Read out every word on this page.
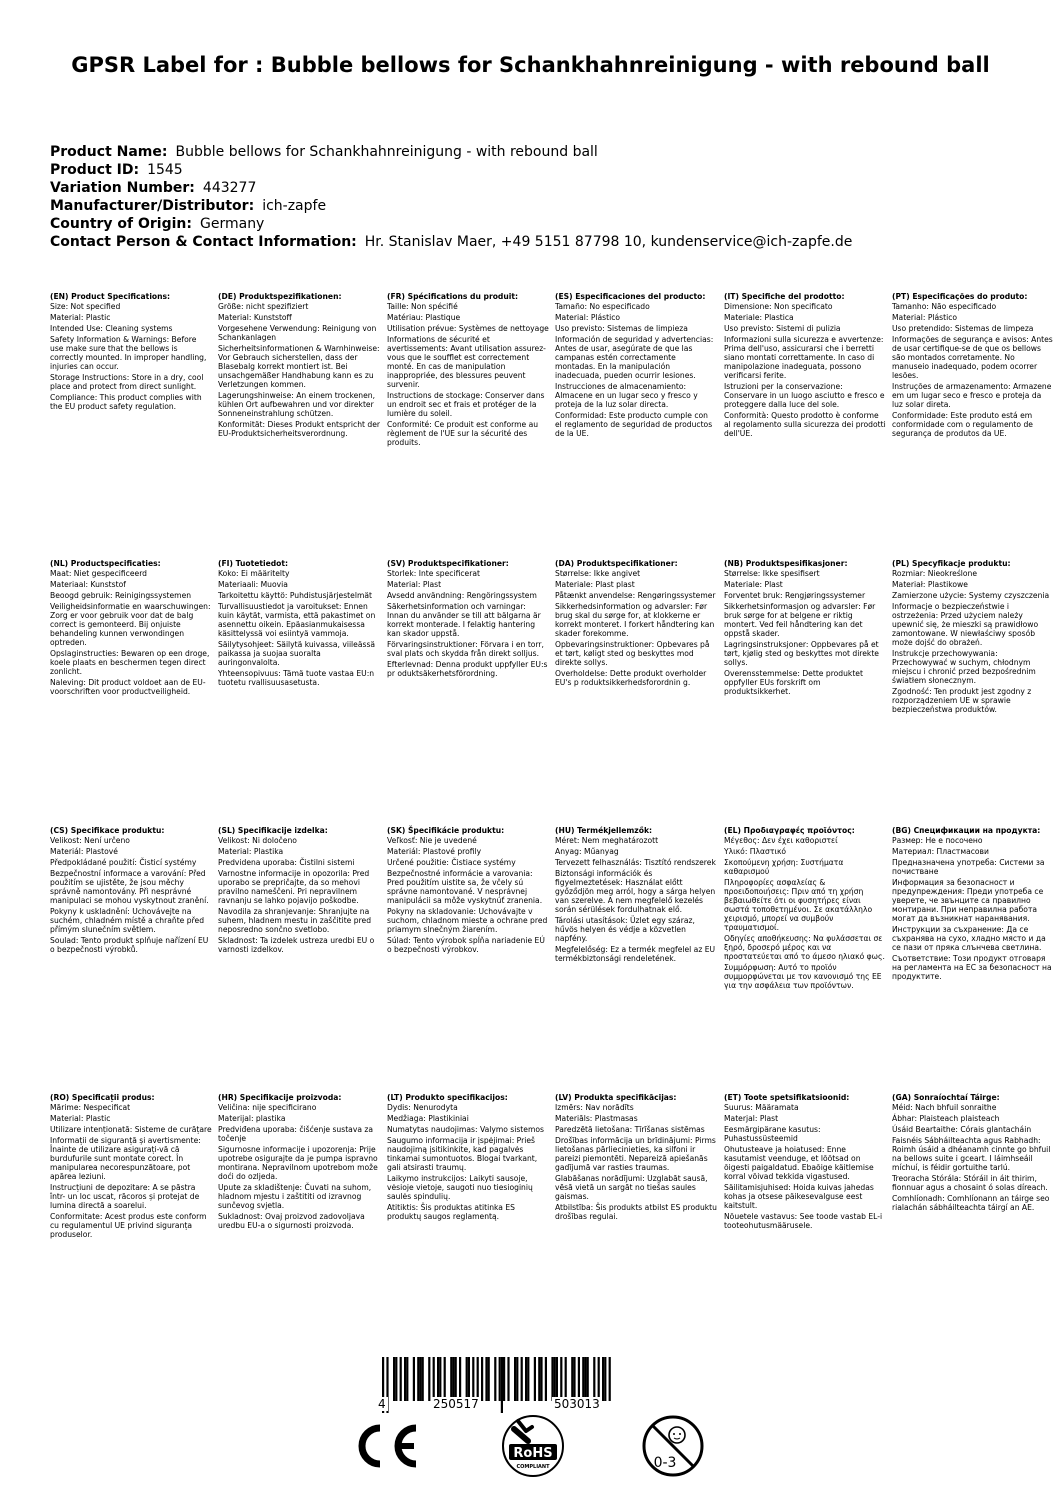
GPSR Label for : Bubble bellows for Schankhahnreinigung - with rebound ball
Product Name: Bubble bellows for Schankhahnreinigung - with rebound ball
Product ID: 1545
Variation Number: 443277
Manufacturer/Distributor: ich-zapfe
Country of Origin: Germany
Contact Person & Contact Information: Hr. Stanislav Maer, +49 5151 87798 10, kundenservice@ich-zapfe.de
(EN) Product Specifications:
Size: Not specified
Material: Plastic
Intended Use: Cleaning systems
Safety Information & Warnings: Before use make sure that the bellows is correctly mounted. In improper handling, injuries can occur.
Storage Instructions: Store in a dry, cool place and protect from direct sunlight.
Compliance: This product complies with the EU product safety regulation.
(DE) Produktspezifikationen:
Größe: nicht spezifiziert
Material: Kunststoff
Vorgesehene Verwendung: Reinigung von Schankanlagen
Sicherheitsinformationen & Warnhinweise: Vor Gebrauch sicherstellen, dass der Blasebalg korrekt montiert ist. Bei unsachgemäßer Handhabung kann es zu Verletzungen kommen.
Lagerungshinweise: An einem trockenen, kühlen Ort aufbewahren und vor direkter Sonneneinstrahlung schützen.
Konformität: Dieses Produkt entspricht der EU-Produktsicherheitsverordnung.
(FR) Spécifications du produit:
Taille: Non spécifié
Matériau: Plastique
Utilisation prévue: Systèmes de nettoyage
Informations de sécurité et avertissements: Avant utilisation assurez-vous que le soufflet est correctement monté. En cas de manipulation inappropriée, des blessures peuvent survenir.
Instructions de stockage: Conserver dans un endroit sec et frais et protéger de la lumière du soleil.
Conformité: Ce produit est conforme au règlement de l'UE sur la sécurité des produits.
(ES) Especificaciones del producto:
Tamaño: No especificado
Material: Plástico
Uso previsto: Sistemas de limpieza
Información de seguridad y advertencias: Antes de usar, asegúrate de que las campanas estén correctamente montadas. En la manipulación inadecuada, pueden ocurrir lesiones.
Instrucciones de almacenamiento: Almacene en un lugar seco y fresco y proteja de la luz solar directa.
Conformidad: Este producto cumple con el reglamento de seguridad de productos de la UE.
(IT) Specifiche del prodotto:
Dimensione: Non specificato
Materiale: Plastica
Uso previsto: Sistemi di pulizia
Informazioni sulla sicurezza e avvertenze: Prima dell'uso, assicurarsi che i berretti siano montati correttamente. In caso di manipolazione inadeguata, possono verificarsi ferite.
Istruzioni per la conservazione: Conservare in un luogo asciutto e fresco e proteggere dalla luce del sole.
Conformità: Questo prodotto è conforme al regolamento sulla sicurezza dei prodotti dell'UE.
(PT) Especificações do produto:
Tamanho: Não especificado
Material: Plástico
Uso pretendido: Sistemas de limpeza
Informações de segurança e avisos: Antes de usar certifique-se de que os bellows são montados corretamente. No manuseio inadequado, podem ocorrer lesões.
Instruções de armazenamento: Armazene em um lugar seco e fresco e proteja da luz solar direta.
Conformidade: Este produto está em conformidade com o regulamento de segurança de produtos da UE.
(NL) Productspecificaties:
Maat: Niet gespecificeerd
Materiaal: Kunststof
Beoogd gebruik: Reinigingssystemen
Veiligheidsinformatie en waarschuwingen: Zorg er voor gebruik voor dat de balg correct is gemonteerd. Bij onjuiste behandeling kunnen verwondingen optreden.
Opslaginstructies: Bewaren op een droge, koele plaats en beschermen tegen direct zonlicht.
Naleving: Dit product voldoet aan de EU-voorschriften voor productveiligheid.
(FI) Tuotetiedot:
Koko: Ei määritelty
Materiaali: Muovia
Tarkoitettu käyttö: Puhdistusjärjestelmät
Turvallisuustiedot ja varoitukset: Ennen kuin käytät, varmista, että pakastimet on asennettu oikein. Epäasianmukaisessa käsittelyssä voi esiintyä vammoja.
Säilytysohjeet: Säilytä kuivassa, viileässä paikassa ja suojaa suoralta auringonvalolta.
Yhteensopivuus: Tämä tuote vastaa EU:n tuotetu rvallisuusasetusta.
(SV) Produktspecifikationer:
Storlek: Inte specificerat
Material: Plast
Avsedd användning: Rengöringssystem
Säkerhetsinformation och varningar: Innan du använder se till att bälgarna är korrekt monterade. I felaktig hantering kan skador uppstå.
Förvaringsinstruktioner: Förvara i en torr, sval plats och skydda från direkt solljus.
Efterlevnad: Denna produkt uppfyller EU:s pr oduktsäkerhetsförordning.
(DA) Produktspecifikationer:
Størrelse: Ikke angivet
Materiale: Plast plast
Påtænkt anvendelse: Rengøringssystemer
Sikkerhedsinformation og advarsler: Før brug skal du sørge for, at klokkerne er korrekt monteret. I forkert håndtering kan skader forekomme.
Opbevaringsinstruktioner: Opbevares på et tørt, køligt sted og beskyttes mod direkte sollys.
Overholdelse: Dette produkt overholder EU's p roduktsikkerhedsforordnin g.
(NB) Produktspesifikasjoner:
Størrelse: Ikke spesifisert
Materiale: Plast
Forventet bruk: Rengjøringssystemer
Sikkerhetsinformasjon og advarsler: Før bruk sørge for at belgene er riktig montert. Ved feil håndtering kan det oppstå skader.
Lagringsinstruksjoner: Oppbevares på et tørt, kjølig sted og beskyttes mot direkte sollys.
Overensstemmelse: Dette produktet oppfyller EUs forskrift om produktsikkerhet.
(PL) Specyfikacje produktu:
Rozmiar: Nieokreślone
Materiał: Plastikowe
Zamierzone użycie: Systemy czyszczenia
Informacje o bezpieczeństwie i ostrzeżenia: Przed użyciem należy upewnić się, że mieszki są prawidłowo zamontowane. W niewłaściwy sposób może dojść do obrażeń.
Instrukcje przechowywania: Przechowywać w suchym, chłodnym miejscu i chronić przed bezpośrednim światłem słonecznym.
Zgodność: Ten produkt jest zgodny z rozporządzeniem UE w sprawie bezpieczeństwa produktów.
(CS) Specifikace produktu:
Velikost: Není určeno
Materiál: Plastové
Předpokládané použití: Čisticí systémy
Bezpečnostní informace a varování: Před použitím se ujistěte, že jsou měchy správně namontovány. Při nesprávné manipulaci se mohou vyskytnout zranění.
Pokyny k uskladnění: Uchovávejte na suchém, chladném místě a chraňte před přímým slunečním světlem.
Soulad: Tento produkt splňuje nařízení EU o bezpečnosti výrobků.
(SL) Specifikacije izdelka:
Velikost: Ni določeno
Material: Plastika
Predvidena uporaba: Čistilni sistemi
Varnostne informacije in opozorila: Pred uporabo se prepričajte, da so mehovi pravilno nameščeni. Pri nepravilnem ravnanju se lahko pojavijo poškodbe.
Navodila za shranjevanje: Shranjujte na suhem, hladnem mestu in zaščitite pred neposredno sončno svetlobo.
Skladnost: Ta izdelek ustreza uredbi EU o varnosti izdelkov.
(SK) Špecifikácie produktu:
Veľkosť: Nie je uvedené
Materiál: Plastové profily
Určené použitie: Čistiace systémy
Bezpečnostné informácie a varovania: Pred použitím uistite sa, že včely sú správne namontované. V nesprávnej manipulácii sa môže vyskytnúť zranenia.
Pokyny na skladovanie: Uchovávajte v suchom, chladnom mieste a ochrane pred priamym slnečným žiarením.
Súlad: Tento výrobok spĺňa nariadenie EÚ o bezpečnosti výrobkov.
(HU) Termékjellemzők:
Méret: Nem meghatározott
Anyag: Műanyag
Tervezett felhasználás: Tisztító rendszerek
Biztonsági információk és figyelmeztetések: Használat előtt győződjön meg arról, hogy a sárga helyen van szerelve. A nem megfelelő kezelés során sérülések fordulhatnak elő.
Tárolási utasítások: Üzlet egy száraz, hűvös helyen és védje a közvetlen napfény.
Megfelelőség: Ez a termék megfelel az EU termékbiztonsági rendeletének.
(EL) Προδιαγραφές προϊόντος:
Μέγεθος: Δεν έχει καθοριστεί
Υλικό: Πλαστικό
Σκοπούμενη χρήση: Συστήματα καθαρισμού
Πληροφορίες ασφαλείας & προειδοποιήσεις: Πριν από τη χρήση βεβαιωθείτε ότι οι φυσητήρες είναι σωστά τοποθετημένοι. Σε ακατάλληλο χειρισμό, μπορεί να συμβούν τραυματισμοί.
Οδηγίες αποθήκευσης: Να φυλάσσεται σε ξηρό, δροσερό μέρος και να προστατεύεται από το άμεσο ηλιακό φως.
Συμμόρφωση: Αυτό το προϊόν συμμορφώνεται με τον κανονισμό της ΕΕ για την ασφάλεια των προϊόντων.
(BG) Спецификации на продукта:
Размер: Не е посочено
Материал: Пластмасови
Предназначена употреба: Системи за почистване
Информация за безопасност и предупреждения: Преди употреба се уверете, че звънците са правилно монтирани. При неправилна работа могат да възникнат наранявания.
Инструкции за съхранение: Да се съхранява на сухо, хладно място и да се пази от пряка слънчева светлина.
Съответствие: Този продукт отговаря на регламента на ЕС за безопасност на продуктите.
(RO) Specificații produs:
Mărime: Nespecificat
Material: Plastic
Utilizare intenționată: Sisteme de curățare
Informații de siguranță și avertismente: Înainte de utilizare asigurați-vă că burdufurile sunt montate corect. În manipularea necorespunzătoare, pot apărea leziuni.
Instrucțiuni de depozitare: A se păstra într- un loc uscat, răcoros și protejat de lumina directă a soarelui.
Conformitate: Acest produs este conform cu regulamentul UE privind siguranța produselor.
(HR) Specifikacije proizvoda:
Veličina: nije specificirano
Materijal: plastika
Predviđena uporaba: čišćenje sustava za točenje
Sigurnosne informacije i upozorenja: Prije upotrebe osigurajte da je pumpa ispravno montirana. Nepravilnom upotrebom može doći do ozljeda.
Upute za skladištenje: Čuvati na suhom, hladnom mjestu i zaštititi od izravnog sunčevog svjetla.
Sukladnost: Ovaj proizvod zadovoljava uredbu EU-a o sigurnosti proizvoda.
(LT) Produkto specifikacijos:
Dydis: Nenurodyta
Medžiaga: Plastikiniai
Numatytas naudojimas: Valymo sistemos
Saugumo informacija ir įspėjimai: Prieš naudojimą įsitikinkite, kad pagalvės tinkamai sumontuotos. Blogai tvarkant, gali atsirasti traumų.
Laikymo instrukcijos: Laikyti sausoje, vėsioje vietoje, saugoti nuo tiesioginių saulės spindulių.
Atitiktis: Šis produktas atitinka ES produktų saugos reglamentą.
(LV) Produkta specifikācijas:
Izmērs: Nav norādīts
Materiāls: Plastmasas
Paredzētā lietošana: Tīrīšanas sistēmas
Drošības informācija un brīdinājumi: Pirms lietošanas pārliecinieties, ka silfoni ir pareizi piemontēti. Nepareizā apiešanās gadījumā var rasties traumas.
Glabāšanas norādījumi: Uzglabāt sausā, vēsā vietā un sargāt no tiešas saules gaismas.
Atbilstība: Šis produkts atbilst ES produktu drošības regulai.
(ET) Toote spetsifikatsioonid:
Suurus: Määramata
Materjal: Plast
Eesmärgipärane kasutus: Puhastussüsteemid
Ohutusteave ja hoiatused: Enne kasutamist veenduge, et lõõtsad on õigesti paigaldatud. Ebaõige käitlemise korral võivad tekkida vigastused.
Säilitamisjuhised: Hoida kuivas jahedas kohas ja otsese päikesevalguse eest kaitstult.
Nõuetele vastavus: See toode vastab EL-i tooteohutusmäärusele.
(GA) Sonraíochtaí Táirge:
Méid: Nach bhfuil sonraithe
Ábhar: Plaisteach plaisteach
Úsáid Beartaithe: Córais glantacháin
Faisnéis Sábháilteachta agus Rabhadh: Roimh úsáid a dhéanamh cinnte go bhfuil na bellows suite i gceart. I láimhseáil míchuí, is féidir gortuithe tarlú.
Treoracha Stórála: Stóráil in áit thirim, fionnuar agus a chosaint ó solas díreach.
Comhlíonadh: Comhlíonann an táirge seo rialachán sábháilteachta táirgí an AE.
4	250517	503013
RoHS
COMPLIANT	0-3
